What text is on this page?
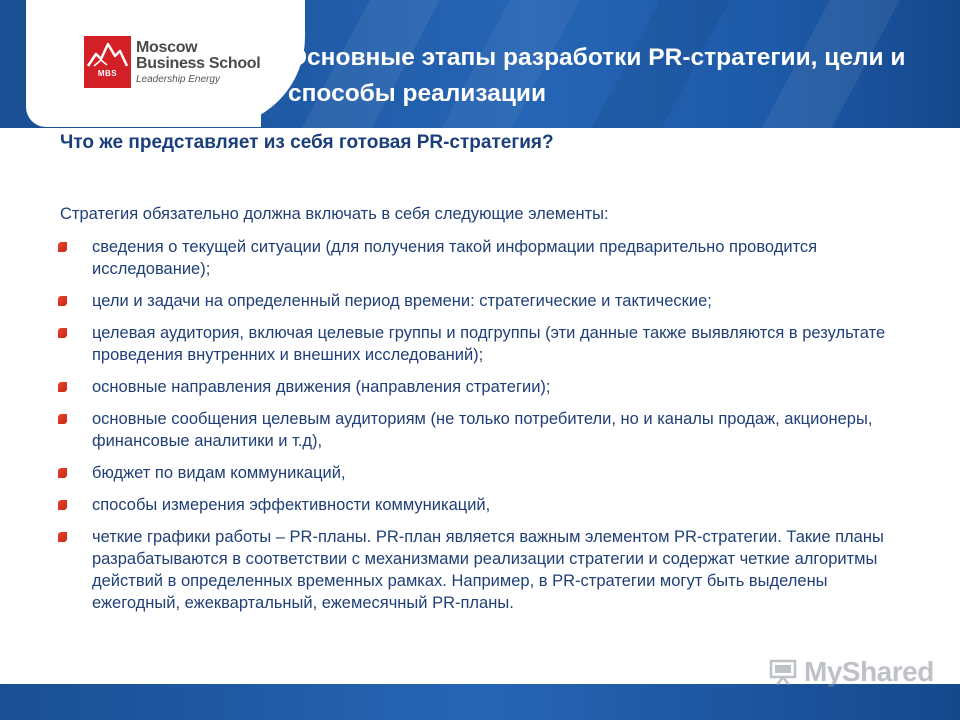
MBS
Moscow
Business School
Leadership Energy
Основные этапы разработки PR-стратегии, цели и способы реализации
Что же представляет из себя готовая PR-стратегия?
Стратегия обязательно должна включать в себя следующие элементы:
сведения о текущей ситуации (для получения такой информации предварительно проводится исследование);
цели и задачи на определенный период времени: стратегические и тактические;
целевая аудитория, включая целевые группы и подгруппы (эти данные также выявляются в результате проведения внутренних и внешних исследований);
основные направления движения (направления стратегии);
основные сообщения целевым аудиториям (не только потребители, но и каналы продаж, акционеры, финансовые аналитики и т.д),
бюджет по видам коммуникаций,
способы измерения эффективности коммуникаций,
четкие графики работы – PR-планы. PR-план является важным элементом PR-стратегии. Такие планы разрабатываются в соответствии с механизмами реализации стратегии и содержат четкие алгоритмы действий в определенных временных рамках. Например, в PR-стратегии могут быть выделены ежегодный, ежеквартальный, ежемесячный PR-планы.
MyShared
